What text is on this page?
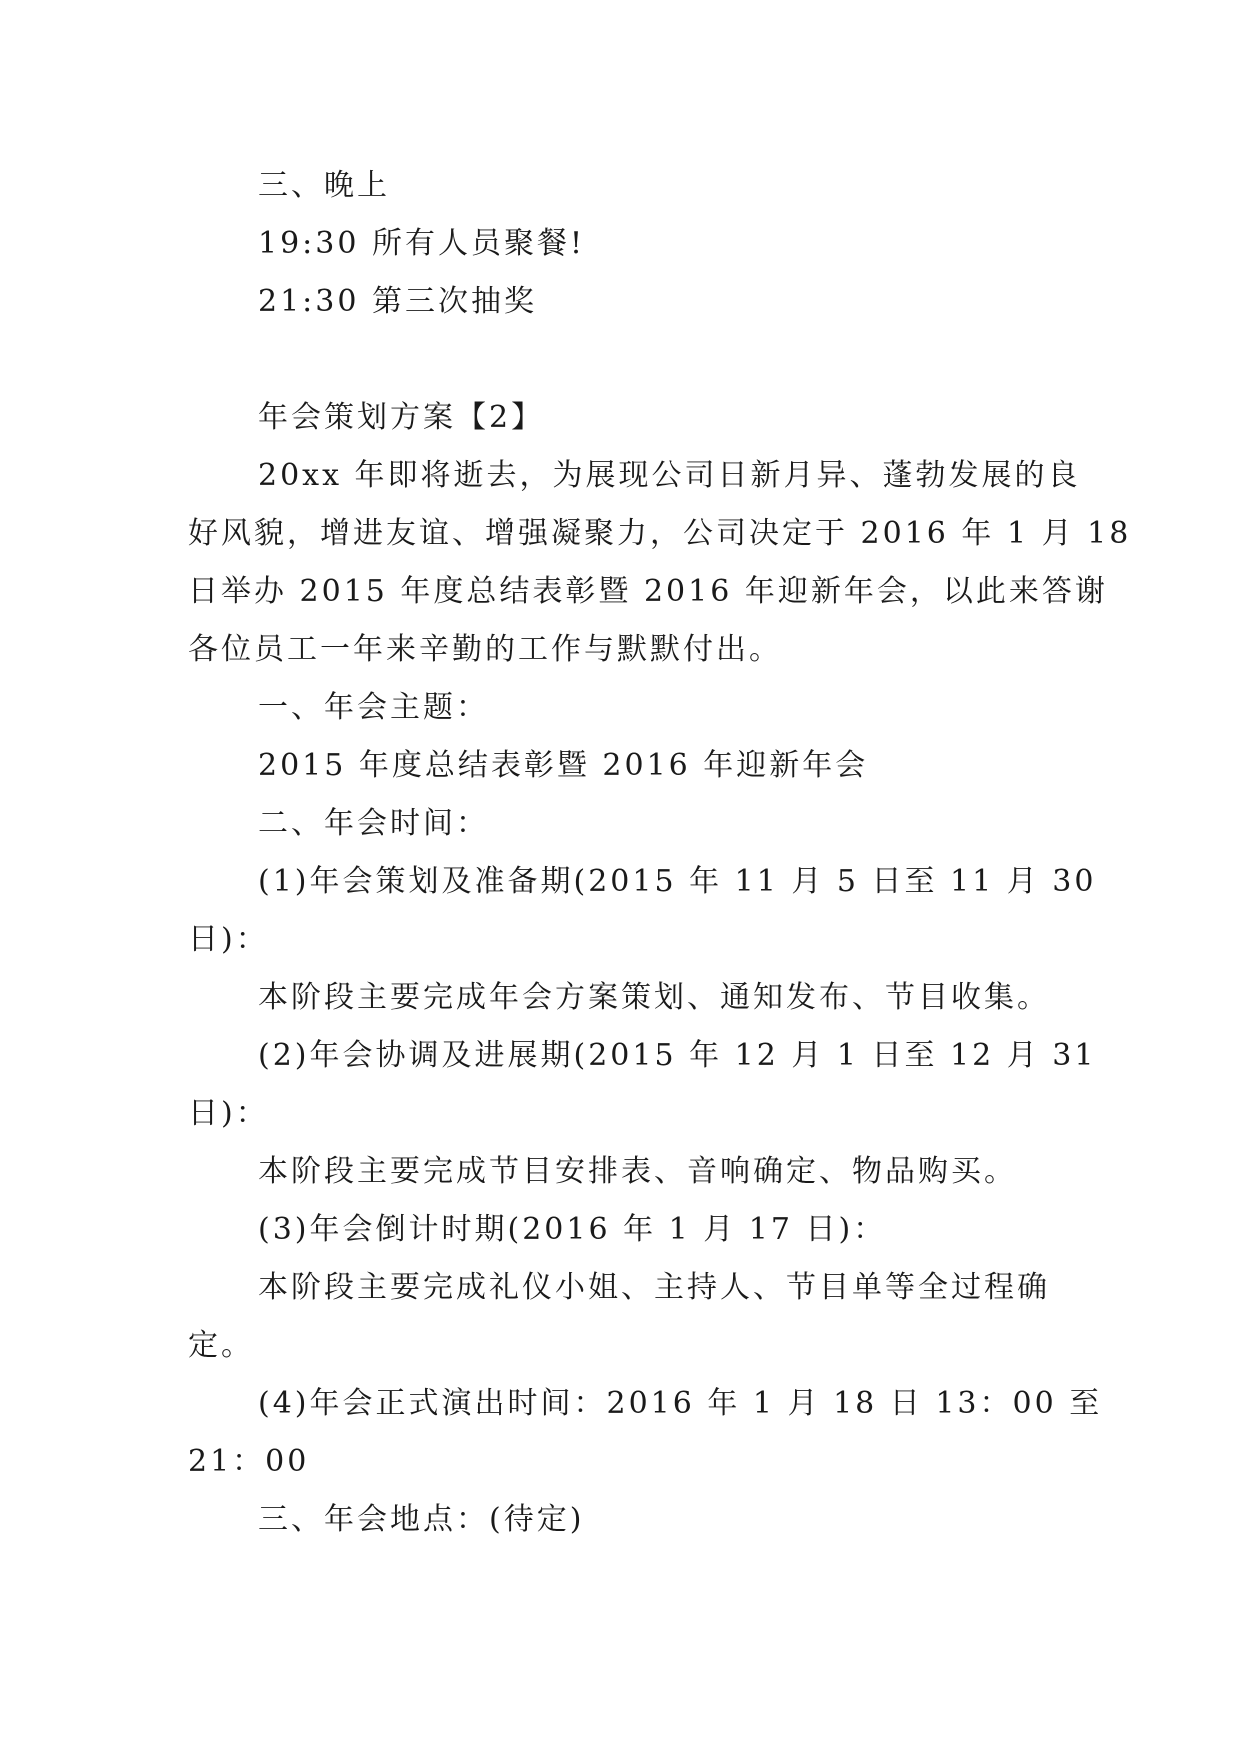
三、晚上
19:30 所有人员聚餐!
21:30 第三次抽奖
年会策划方案【2】
20xx 年即将逝去，为展现公司日新月异、蓬勃发展的良
好风貌，增进友谊、增强凝聚力，公司决定于 2016 年 1 月 18
日举办 2015 年度总结表彰暨 2016 年迎新年会，以此来答谢
各位员工一年来辛勤的工作与默默付出。
一、年会主题：
2015 年度总结表彰暨 2016 年迎新年会
二、年会时间：
(1)年会策划及准备期(2015 年 11 月 5 日至 11 月 30
日)：
本阶段主要完成年会方案策划、通知发布、节目收集。
(2)年会协调及进展期(2015 年 12 月 1 日至 12 月 31
日)：
本阶段主要完成节目安排表、音响确定、物品购买。
(3)年会倒计时期(2016 年 1 月 17 日)：
本阶段主要完成礼仪小姐、主持人、节目单等全过程确
定。
(4)年会正式演出时间：2016 年 1 月 18 日 13：00 至
21：00
三、年会地点：(待定)
